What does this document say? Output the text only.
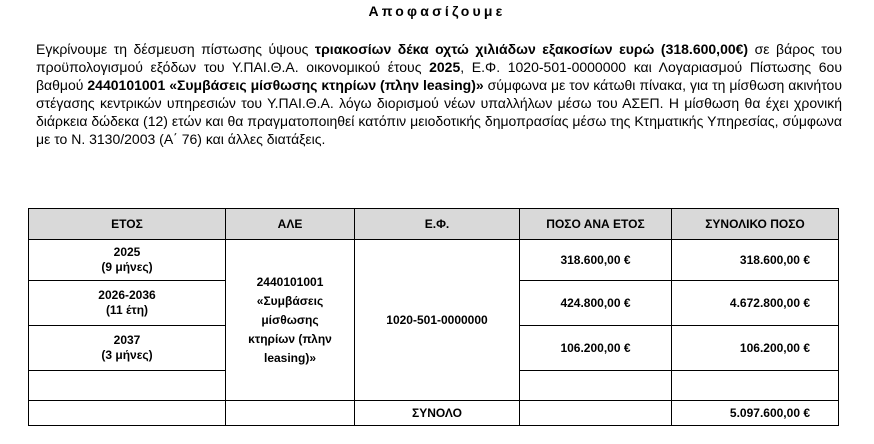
Αποφασίζουμε
Εγκρίνουμε τη δέσμευση πίστωσης ύψους τριακοσίων δέκα οχτώ χιλιάδων εξακοσίων ευρώ (318.600,00€) σε βάρος του προϋπολογισμού εξόδων του Υ.ΠΑΙ.Θ.Α. οικονομικού έτους 2025, Ε.Φ. 1020-501-0000000 και Λογαριασμού Πίστωσης 6ου βαθμού 2440101001 «Συμβάσεις μίσθωσης κτηρίων (πλην leasing)» σύμφωνα με τον κάτωθι πίνακα, για τη μίσθωση ακινήτου στέγασης κεντρικών υπηρεσιών του Υ.ΠΑΙ.Θ.Α. λόγω διορισμού νέων υπαλλήλων μέσω του ΑΣΕΠ. Η μίσθωση θα έχει χρονική διάρκεια δώδεκα (12) ετών και θα πραγματοποιηθεί κατόπιν μειοδοτικής δημοπρασίας μέσω της Κτηματικής Υπηρεσίας, σύμφωνα με το Ν. 3130/2003 (Α΄ 76) και άλλες διατάξεις.
ΕΤΟΣ	ΑΛΕ	Ε.Φ.	ΠΟΣΟ ΑΝΑ ΕΤΟΣ	ΣΥΝΟΛΙΚΟ ΠΟΣΟ

2025
(9 μήνες)	2440101001 «Συμβάσεις μίσθωσης κτηρίων (πλην leasing)»	1020-501-0000000	318.600,00 €	318.600,00 €

2026-2036
(11 έτη)			424.800,00 €	4.672.800,00 €

2037
(3 μήνες)			106.200,00 €	106.200,00 €

		ΣΥΝΟΛΟ		5.097.600,00 €
